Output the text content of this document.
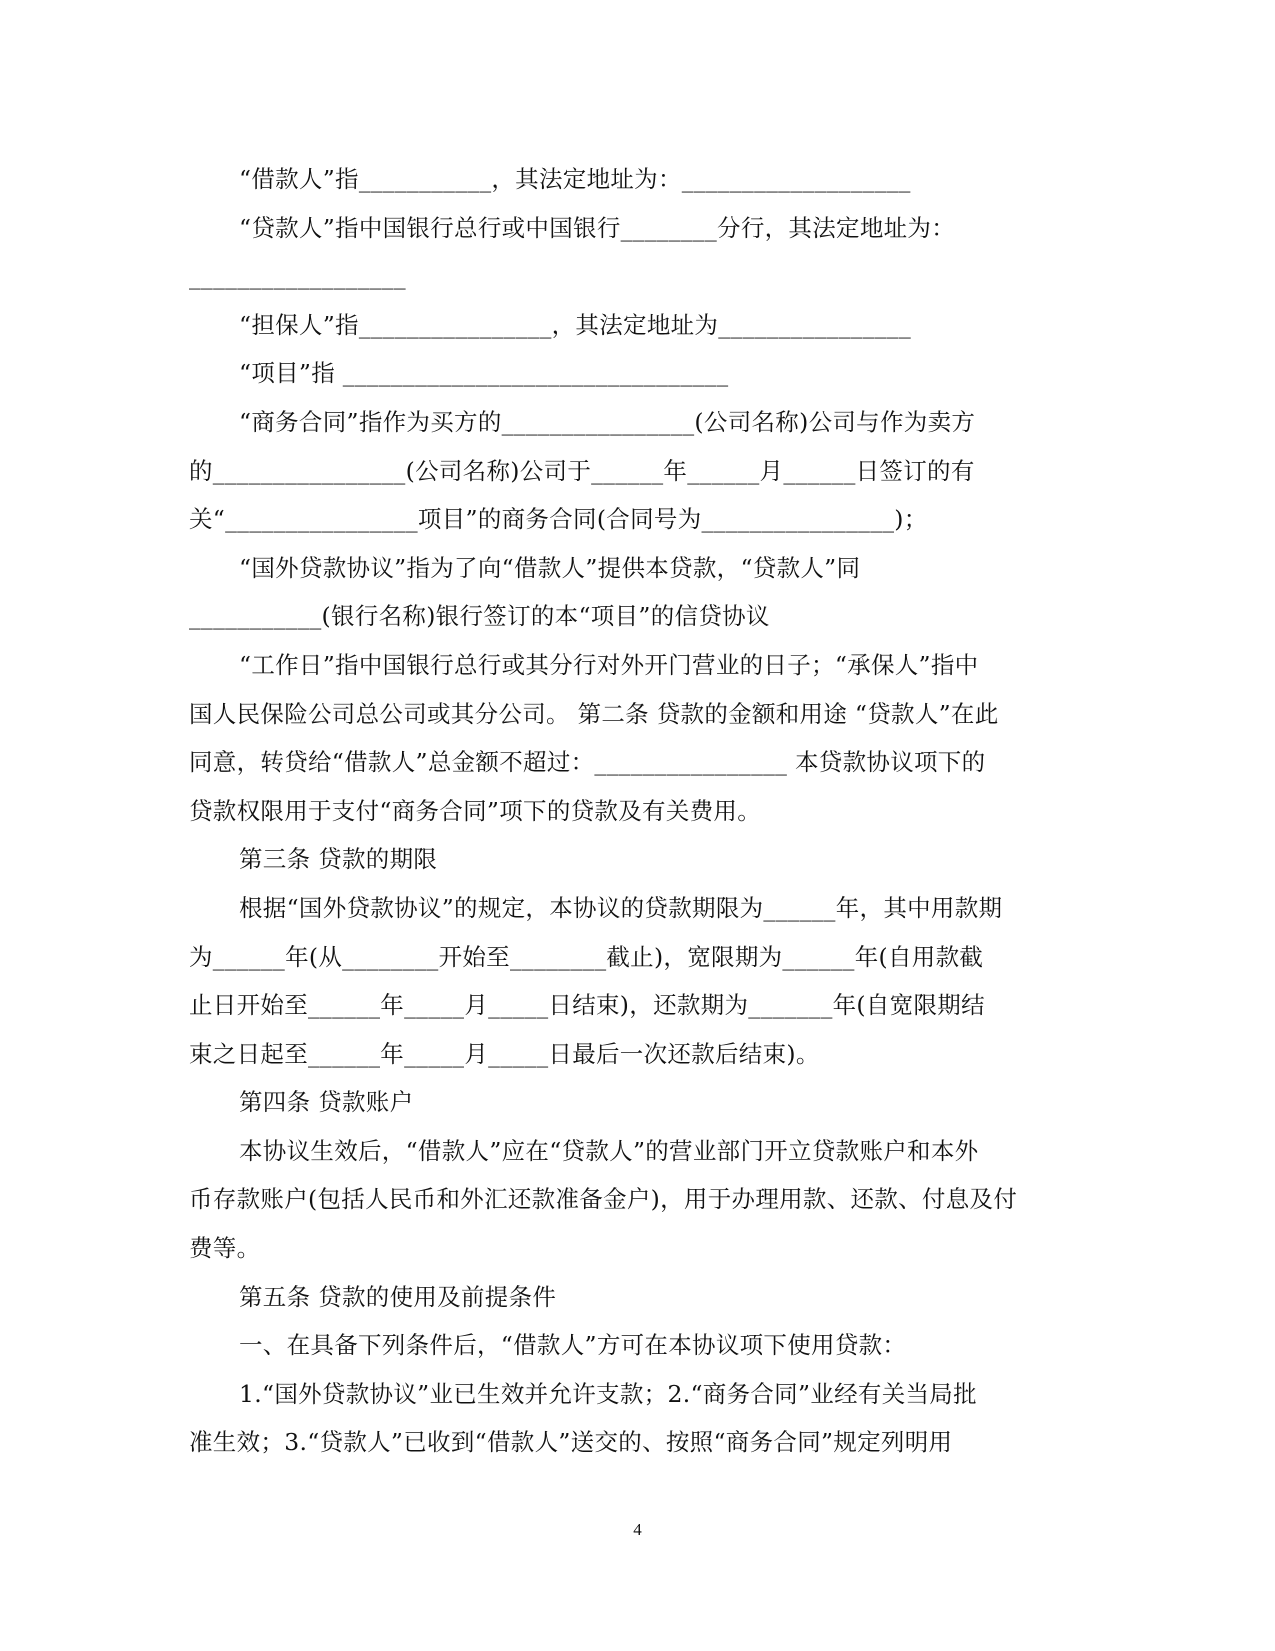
“借款人”指___________，其法定地址为：___________________
“贷款人”指中国银行总行或中国银行________分行，其法定地址为：
__________________
“担保人”指________________，其法定地址为________________
“项目”指 ________________________________
“商务合同”指作为买方的________________(公司名称)公司与作为卖方
的________________(公司名称)公司于______年______月______日签订的有
关“________________项目”的商务合同(合同号为________________)；
“国外贷款协议”指为了向“借款人”提供本贷款，“贷款人”同
___________(银行名称)银行签订的本“项目”的信贷协议
“工作日”指中国银行总行或其分行对外开门营业的日子；“承保人”指中
国人民保险公司总公司或其分公司。 第二条 贷款的金额和用途 “贷款人”在此
同意，转贷给“借款人”总金额不超过：________________ 本贷款协议项下的
贷款权限用于支付“商务合同”项下的贷款及有关费用。
第三条 贷款的期限
根据“国外贷款协议”的规定，本协议的贷款期限为______年，其中用款期
为______年(从________开始至________截止)，宽限期为______年(自用款截
止日开始至______年_____月_____日结束)，还款期为_______年(自宽限期结
束之日起至______年_____月_____日最后一次还款后结束)。
第四条 贷款账户
本协议生效后，“借款人”应在“贷款人”的营业部门开立贷款账户和本外
币存款账户(包括人民币和外汇还款准备金户)，用于办理用款、还款、付息及付
费等。
第五条 贷款的使用及前提条件
一、在具备下列条件后，“借款人”方可在本协议项下使用贷款：
1.“国外贷款协议”业已生效并允许支款；2.“商务合同”业经有关当局批
准生效；3.“贷款人”已收到“借款人”送交的、按照“商务合同”规定列明用
4
